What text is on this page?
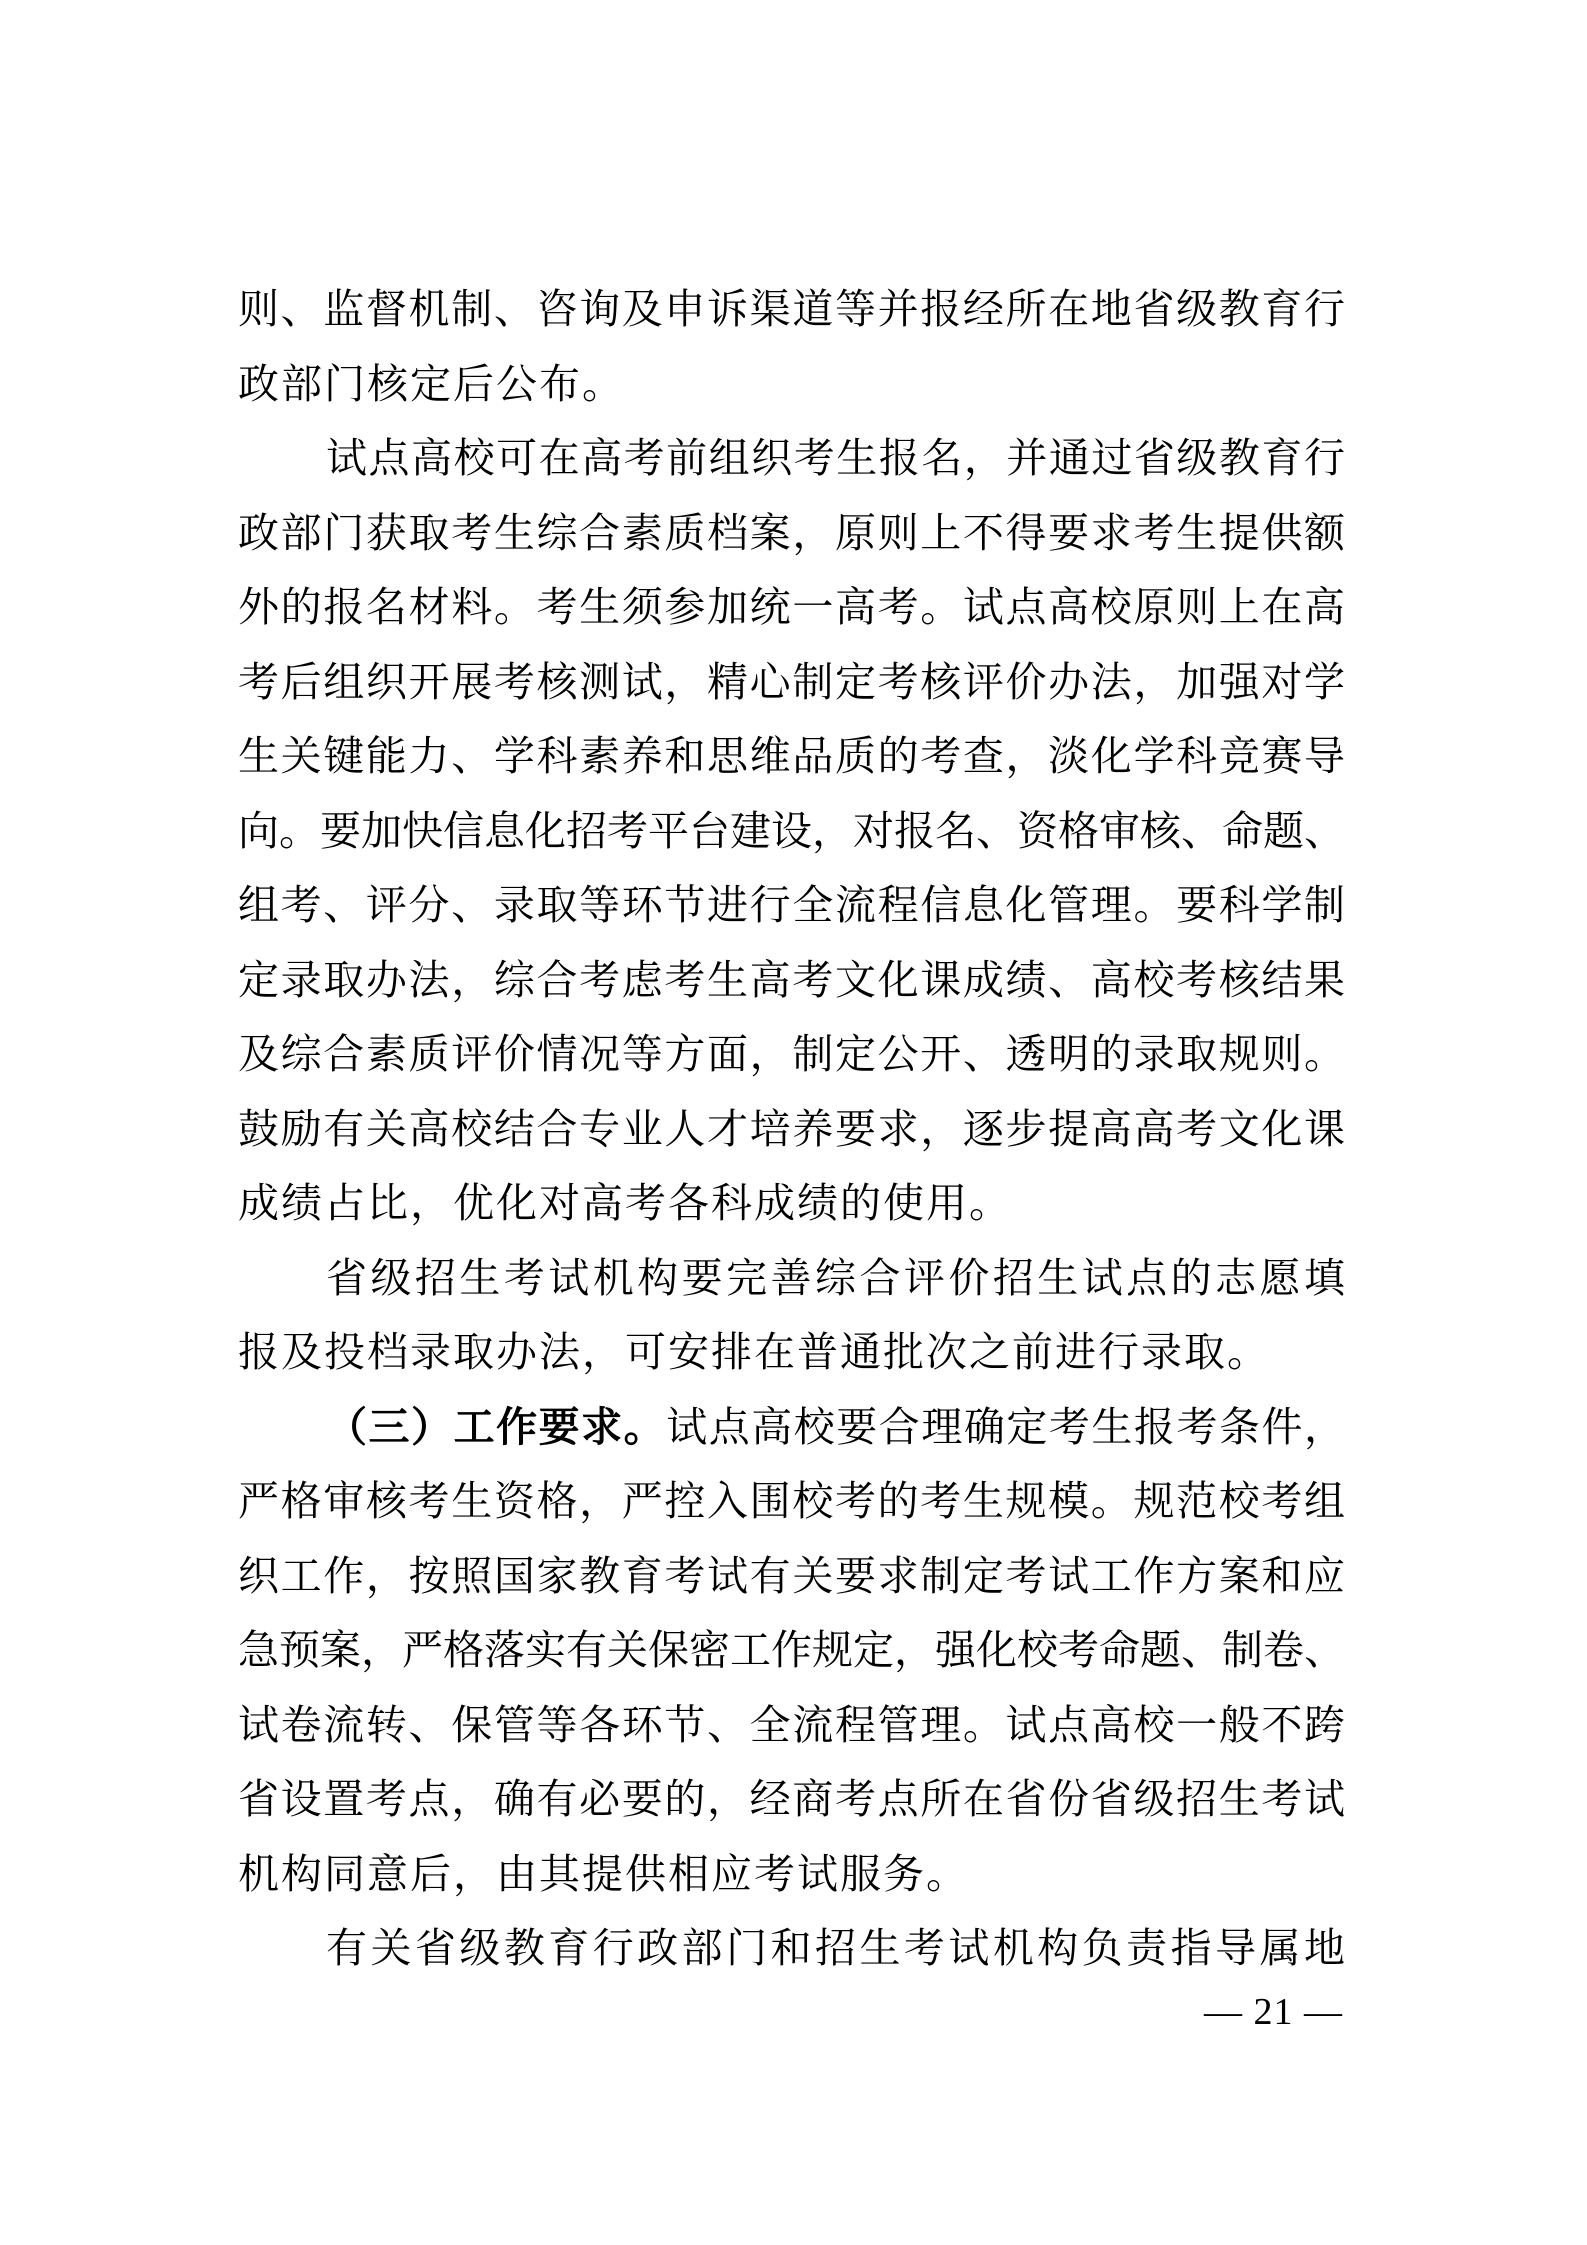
则、监督机制、咨询及申诉渠道等并报经所在地省级教育行
政部门核定后公布。
试点高校可在高考前组织考生报名，并通过省级教育行
政部门获取考生综合素质档案，原则上不得要求考生提供额
外的报名材料。考生须参加统一高考。试点高校原则上在高
考后组织开展考核测试，精心制定考核评价办法，加强对学
生关键能力、学科素养和思维品质的考查，淡化学科竞赛导
向。要加快信息化招考平台建设，对报名、资格审核、命题、
组考、评分、录取等环节进行全流程信息化管理。要科学制
定录取办法，综合考虑考生高考文化课成绩、高校考核结果
及综合素质评价情况等方面，制定公开、透明的录取规则。
鼓励有关高校结合专业人才培养要求，逐步提高高考文化课
成绩占比，优化对高考各科成绩的使用。
省级招生考试机构要完善综合评价招生试点的志愿填
报及投档录取办法，可安排在普通批次之前进行录取。
（三）工作要求。试点高校要合理确定考生报考条件，
严格审核考生资格，严控入围校考的考生规模。规范校考组
织工作，按照国家教育考试有关要求制定考试工作方案和应
急预案，严格落实有关保密工作规定，强化校考命题、制卷、
试卷流转、保管等各环节、全流程管理。试点高校一般不跨
省设置考点，确有必要的，经商考点所在省份省级招生考试
机构同意后，由其提供相应考试服务。
有关省级教育行政部门和招生考试机构负责指导属地
— 21 —
